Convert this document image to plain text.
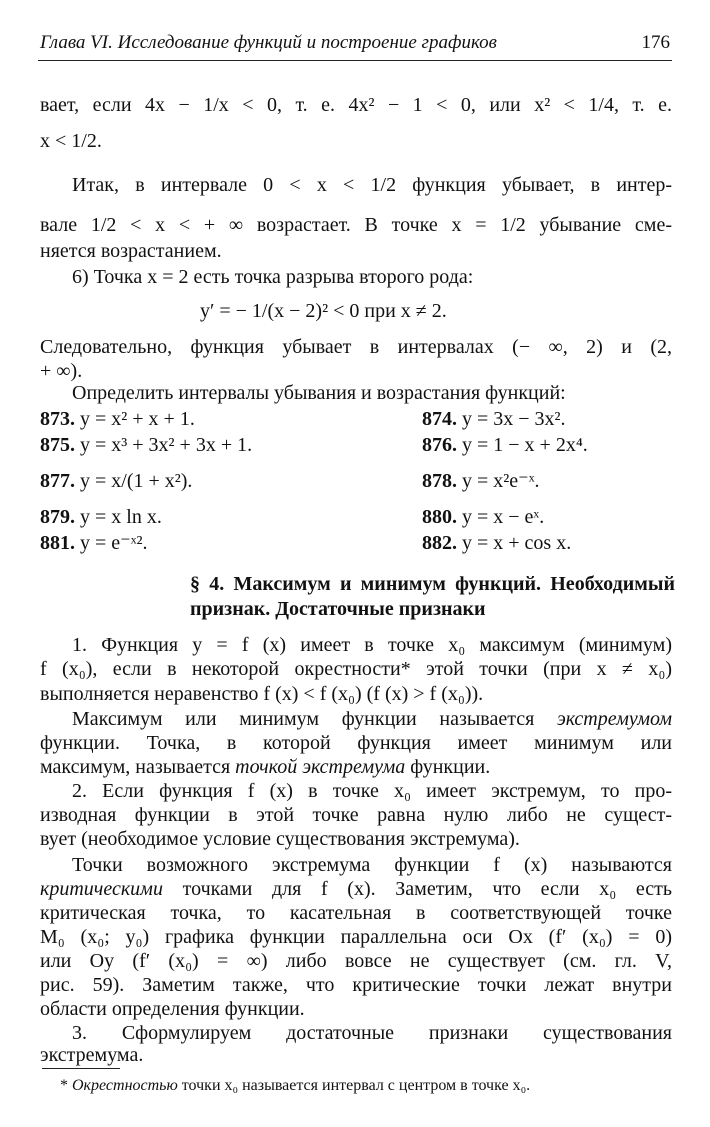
Глава VI. Исследование функций и построение графиков	176
вает, если 4x − 1/x < 0, т. е. 4x² − 1 < 0, или x² < 1/4, т. е.
x < 1/2.
Итак, в интервале 0 < x < 1/2 функция убывает, в интер-
вале 1/2 < x < + ∞ возрастает. В точке x = 1/2 убывание сме-
няется возрастанием.
6) Точка x = 2 есть точка разрыва второго рода:
y′ = − 1/(x − 2)² < 0 при x ≠ 2.
Следовательно, функция убывает в интервалах (− ∞, 2) и (2,
+ ∞).
Определить интервалы убывания и возрастания функций:
873. y = x² + x + 1.	874. y = 3x − 3x².
875. y = x³ + 3x² + 3x + 1.	876. y = 1 − x + 2x⁴.
877. y = x/(1 + x²).	878. y = x²e⁻ˣ.
879. y = x ln x.	880. y = x − eˣ.
881. y = e⁻ˣ².	882. y = x + cos x.
§ 4. Максимум и минимум функций. Необходимый признак. Достаточные признаки
1. Функция y = f (x) имеет в точке x₀ максимум (минимум)
f (x₀), если в некоторой окрестности* этой точки (при x ≠ x₀)
выполняется неравенство f (x) < f (x₀) (f (x) > f (x₀)).
Максимум или минимум функции называется экстремумом
функции. Точка, в которой функция имеет минимум или
максимум, называется точкой экстремума функции.
2. Если функция f (x) в точке x₀ имеет экстремум, то про-
изводная функции в этой точке равна нулю либо не сущест-
вует (необходимое условие существования экстремума).
Точки возможного экстремума функции f (x) называются
критическими точками для f (x). Заметим, что если x₀ есть
критическая точка, то касательная в соответствующей точке
M₀ (x₀; y₀) графика функции параллельна оси Ox (f′ (x₀) = 0)
или Oy (f′ (x₀) = ∞) либо вовсе не существует (см. гл. V,
рис. 59). Заметим также, что критические точки лежат внутри
области определения функции.
3. Сформулируем достаточные признаки существования
экстремума.
* Окрестностью точки x₀ называется интервал с центром в точке x₀.
